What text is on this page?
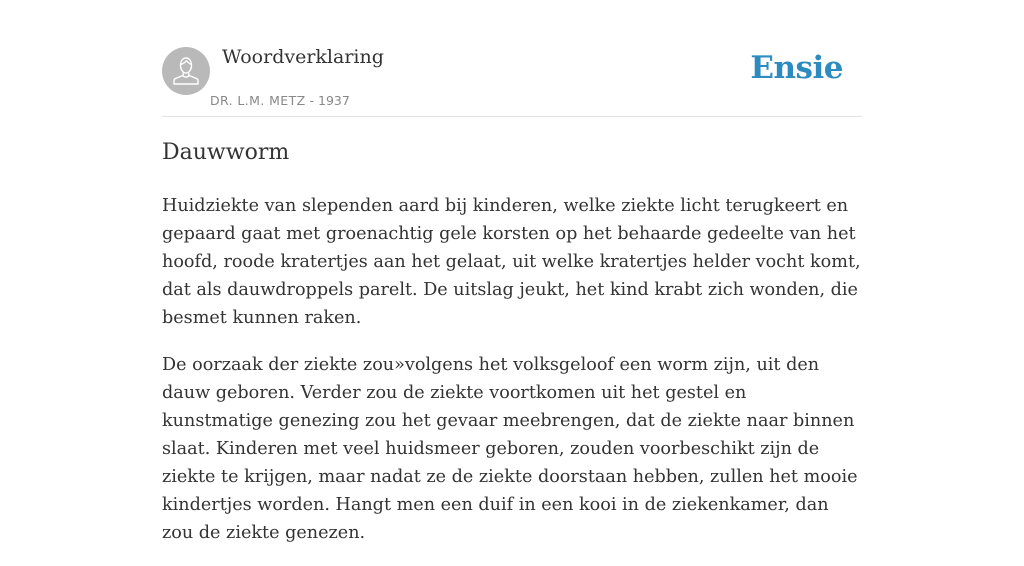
Woordverklaring
DR. L.M. METZ - 1937
Ensie
Dauwworm

Huidziekte van slependen aard bij kinderen, welke ziekte licht terugkeert en gepaard gaat met groenachtig gele korsten op het behaarde gedeelte van het hoofd, roode kratertjes aan het gelaat, uit welke kratertjes helder vocht komt, dat als dauwdroppels parelt. De uitslag jeukt, het kind krabt zich wonden, die besmet kunnen raken.

De oorzaak der ziekte zou»volgens het volksgeloof een worm zijn, uit den dauw geboren. Verder zou de ziekte voortkomen uit het gestel en kunstmatige genezing zou het gevaar meebrengen, dat de ziekte naar binnen slaat. Kinderen met veel huidsmeer geboren, zouden voorbeschikt zijn de ziekte te krijgen, maar nadat ze de ziekte doorstaan hebben, zullen het mooie kindertjes worden. Hangt men een duif in een kooi in de ziekenkamer, dan zou de ziekte genezen.
